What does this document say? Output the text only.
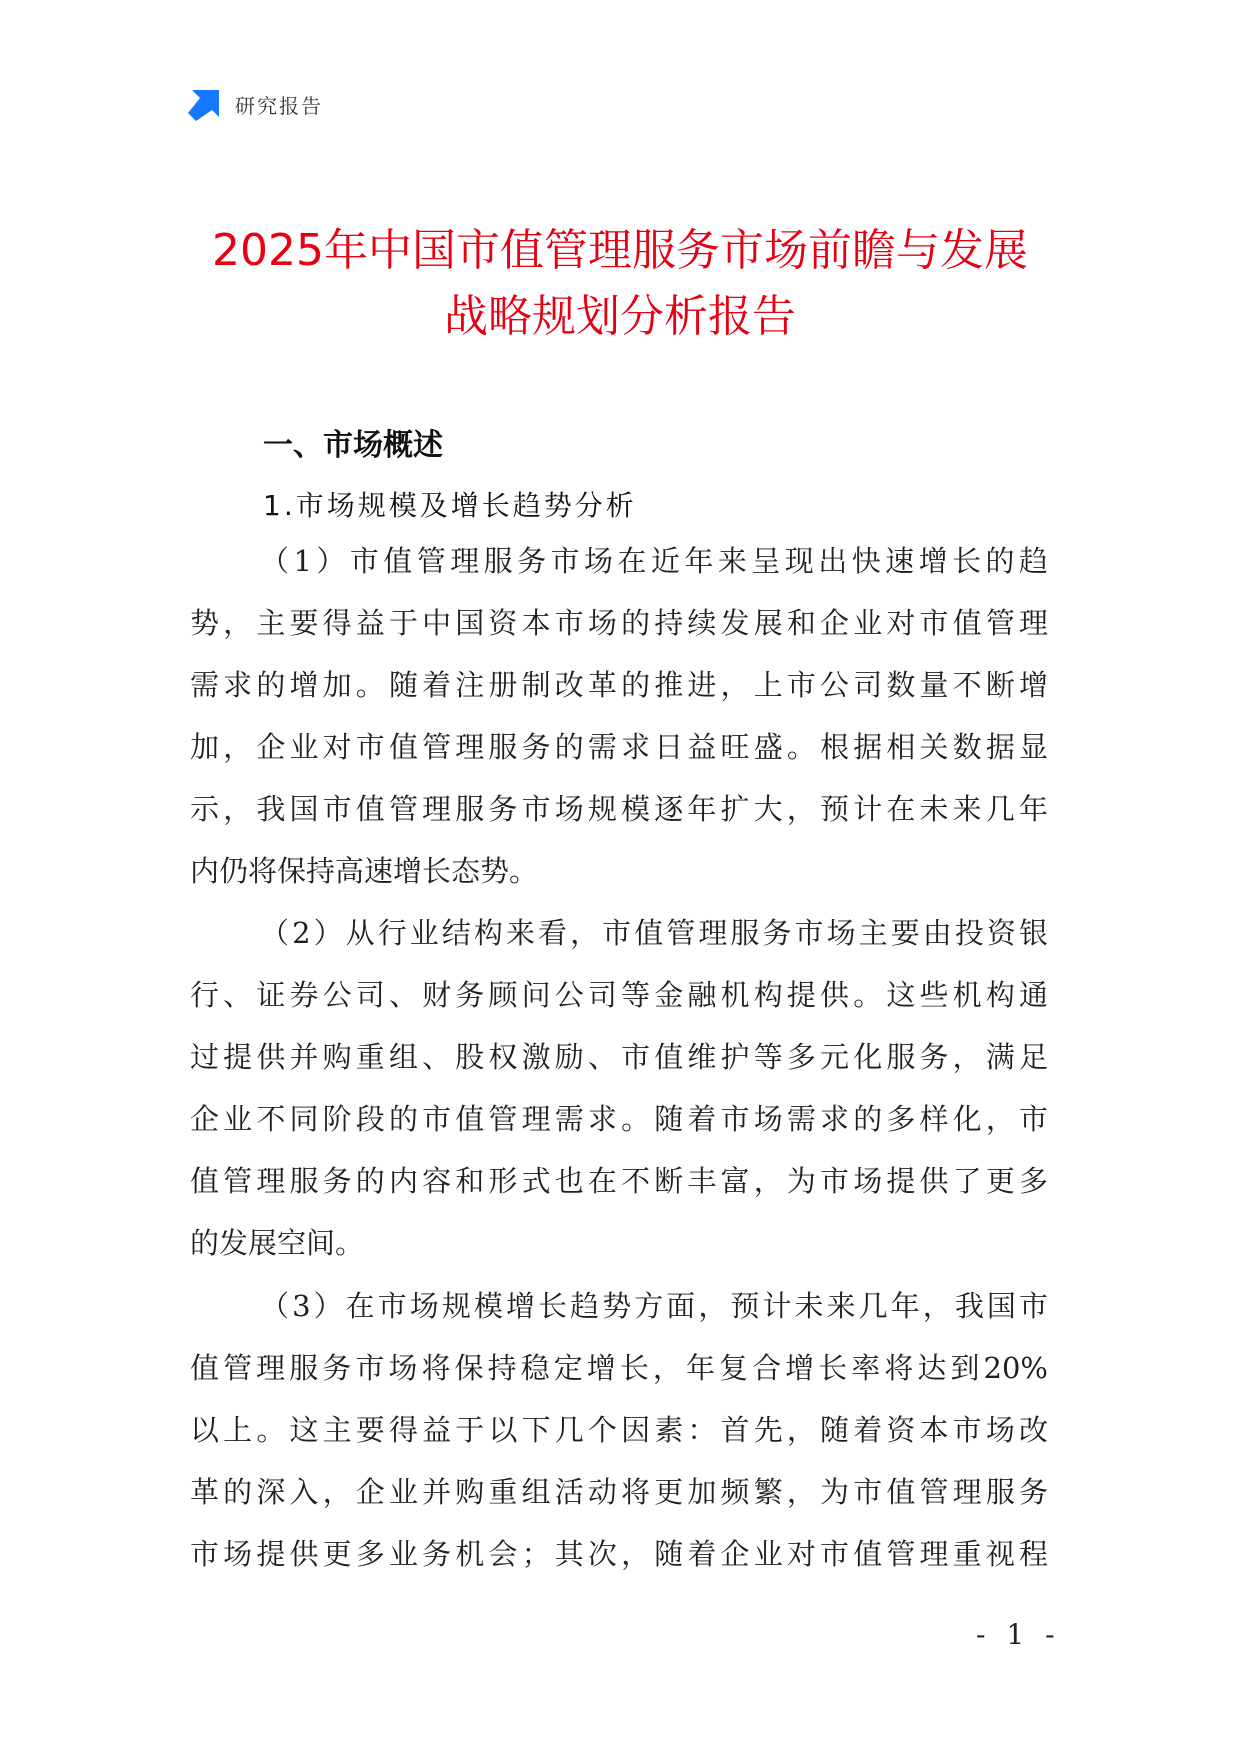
研究报告
2025年中国市值管理服务市场前瞻与发展
战略规划分析报告
一、市场概述
1.市场规模及增长趋势分析
（1）市值管理服务市场在近年来呈现出快速增长的趋
势，主要得益于中国资本市场的持续发展和企业对市值管理
需求的增加。随着注册制改革的推进，上市公司数量不断增
加，企业对市值管理服务的需求日益旺盛。根据相关数据显
示，我国市值管理服务市场规模逐年扩大，预计在未来几年
内仍将保持高速增长态势。
（2）从行业结构来看，市值管理服务市场主要由投资银
行、证券公司、财务顾问公司等金融机构提供。这些机构通
过提供并购重组、股权激励、市值维护等多元化服务，满足
企业不同阶段的市值管理需求。随着市场需求的多样化，市
值管理服务的内容和形式也在不断丰富，为市场提供了更多
的发展空间。
（3）在市场规模增长趋势方面，预计未来几年，我国市
值管理服务市场将保持稳定增长，年复合增长率将达到20%
以上。这主要得益于以下几个因素：首先，随着资本市场改
革的深入，企业并购重组活动将更加频繁，为市值管理服务
市场提供更多业务机会；其次，随着企业对市值管理重视程
- 1 -
